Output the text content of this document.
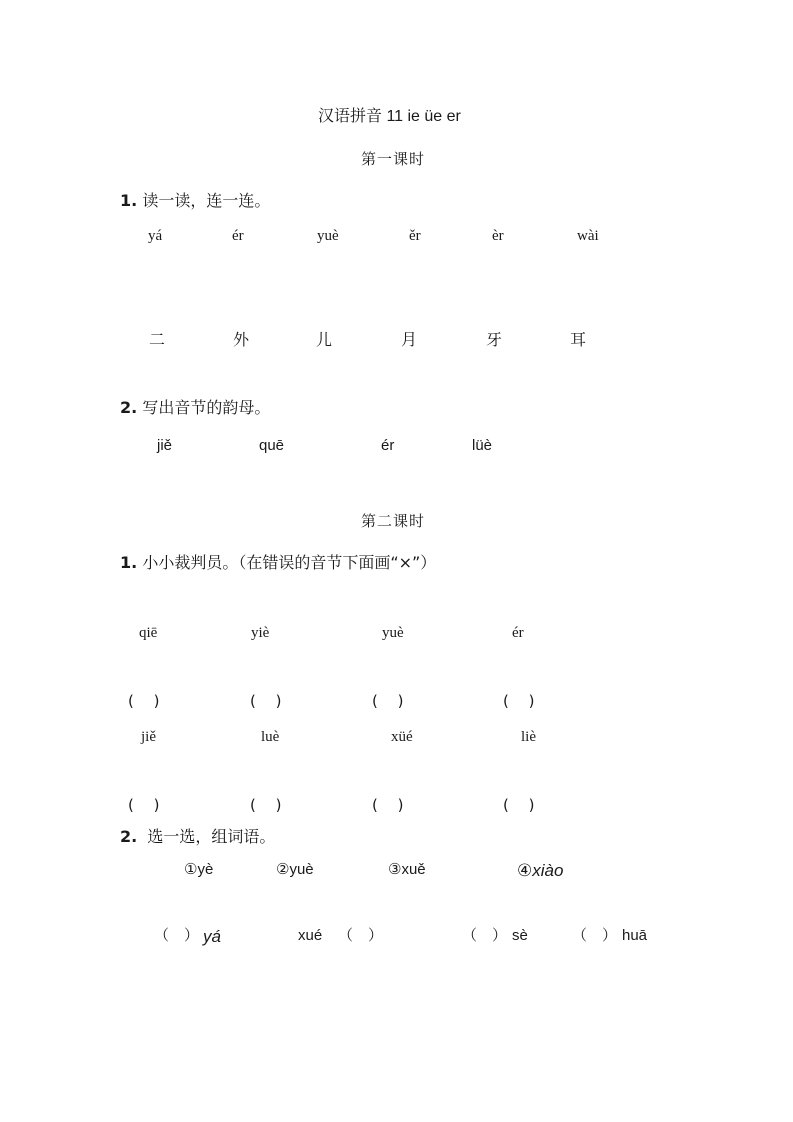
汉语拼音 11 ie üe er
第一课时
1. 读一读，连一连。
yá	ér	yuè	ěr	èr	wài
二	外	儿	月	牙	耳
2. 写出音节的韵母。
jiě	quē	ér	lüè
第二课时
1. 小小裁判员。（在错误的音节下面画“×”）
qiē	yiè	yuè	ér
(　 )	(　 )	(　 )	(　 )
jiě	luè	xüé	liè
(　 )	(　 )	(　 )	(　 )
2. 选一选，组词语。
①yè	②yuè	③xuě	④xiào
（　） yá	xué （　）	（　） sè	（　） huā
